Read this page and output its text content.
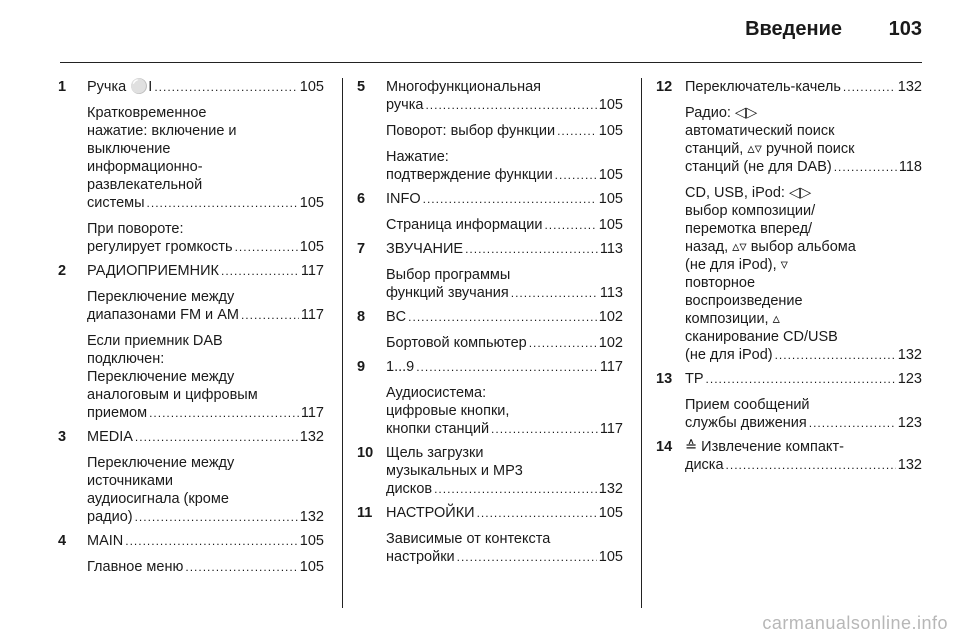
Введение 103
1 Ручка ⚪I .....	105
Кратковременное
нажатие: включение и
выключение
информационно-
развлекательной
системы .....	105
При повороте:
регулирует громкость .....	105
2 РАДИОПРИЕМНИК .....	117
Переключение между
диапазонами FM и AM .....	117
Если приемник DAB
подключен:
Переключение между
аналоговым и цифровым
приемом .....	117
3 MEDIA .....	132
Переключение между
источниками
аудиосигнала (кроме
радио) .....	132
4 MAIN .....	105
Главное меню .....	105
5 Многофункциональная
ручка .....	105
Поворот: выбор функции .....	105
Нажатие:
подтверждение функции .....	105
6 INFO .....	105
Страница информации .....	105
7 ЗВУЧАНИЕ .....	113
Выбор программы
функций звучания .....	113
8 BC .....	102
Бортовой компьютер .....	102
9 1...9 .....	117
Аудиосистема:
цифровые кнопки,
кнопки станций .....	117
10 Щель загрузки
музыкальных и MP3
дисков .....	132
11 НАСТРОЙКИ .....	105
Зависимые от контекста
настройки .....	105
12 Переключатель-качель .....	132
Радио: ◁▷
автоматический поиск
станций, ▵▿ ручной поиск
станций (не для DAB) .....	118
CD, USB, iPod: ◁▷
выбор композиции/
перемотка вперед/
назад, ▵▿ выбор альбома
(не для iPod), ▿
повторное
воспроизведение
композиции, ▵
сканирование CD/USB
(не для iPod) .....	132
13 TP .....	123
Прием сообщений
службы движения .....	123
14 ≙ Извлечение компакт-
диска .....	132
carmanualsonline.info
